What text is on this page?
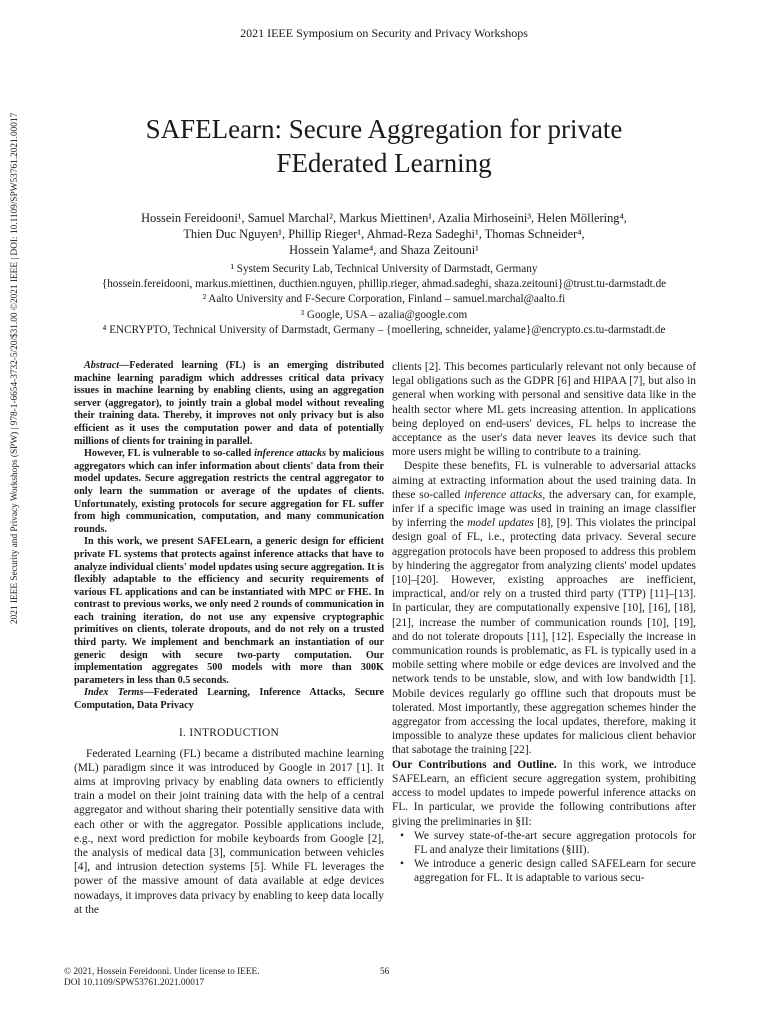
2021 IEEE Symposium on Security and Privacy Workshops
SAFELearn: Secure Aggregation for private
FEderated Learning
Hossein Fereidooni¹, Samuel Marchal², Markus Miettinen¹, Azalia Mirhoseini³, Helen Möllering⁴,
Thien Duc Nguyen¹, Phillip Rieger¹, Ahmad-Reza Sadeghi¹, Thomas Schneider⁴,
Hossein Yalame⁴, and Shaza Zeitouni¹
¹ System Security Lab, Technical University of Darmstadt, Germany
{hossein.fereidooni, markus.miettinen, ducthien.nguyen, phillip.rieger, ahmad.sadeghi, shaza.zeitouni}@trust.tu-darmstadt.de
² Aalto University and F-Secure Corporation, Finland – samuel.marchal@aalto.fi
³ Google, USA – azalia@google.com
⁴ ENCRYPTO, Technical University of Darmstadt, Germany – {moellering, schneider, yalame}@encrypto.cs.tu-darmstadt.de
2021 IEEE Security and Privacy Workshops (SPW) | 978-1-6654-3732-5/20/$31.00 ©2021 IEEE | DOI: 10.1109/SPW53761.2021.00017	Abstract—Federated learning (FL) is an emerging distributed machine learning paradigm which addresses critical data privacy issues in machine learning by enabling clients, using an aggregation server (aggregator), to jointly train a global model without revealing their training data. Thereby, it improves not only privacy but is also efficient as it uses the computation power and data of potentially millions of clients for training in parallel.

However, FL is vulnerable to so-called inference attacks by malicious aggregators which can infer information about clients' data from their model updates. Secure aggregation restricts the central aggregator to only learn the summation or average of the updates of clients. Unfortunately, existing protocols for secure aggregation for FL suffer from high communication, computation, and many communication rounds.

In this work, we present SAFELearn, a generic design for efficient private FL systems that protects against inference attacks that have to analyze individual clients' model updates using secure aggregation. It is flexibly adaptable to the efficiency and security requirements of various FL applications and can be instantiated with MPC or FHE. In contrast to previous works, we only need 2 rounds of communication in each training iteration, do not use any expensive cryptographic primitives on clients, tolerate dropouts, and do not rely on a trusted third party. We implement and benchmark an instantiation of our generic design with secure two-party computation. Our implementation aggregates 500 models with more than 300K parameters in less than 0.5 seconds.

Index Terms—Federated Learning, Inference Attacks, Secure Computation, Data Privacy

I. INTRODUCTION

Federated Learning (FL) became a distributed machine learning (ML) paradigm since it was introduced by Google in 2017 [1]. It aims at improving privacy by enabling data owners to efficiently train a model on their joint training data with the help of a central aggregator and without sharing their potentially sensitive data with each other or with the aggregator. Possible applications include, e.g., next word prediction for mobile keyboards from Google [2], the analysis of medical data [3], communication between vehicles [4], and intrusion detection systems [5]. While FL leverages the power of the massive amount of data available at edge devices nowadays, it improves data privacy by enabling to keep data locally at the

clients [2]. This becomes particularly relevant not only because of legal obligations such as the GDPR [6] and HIPAA [7], but also in general when working with personal and sensitive data like in the health sector where ML gets increasing attention. In applications being deployed on end-users' devices, FL helps to increase the acceptance as the user's data never leaves its device such that more users might be willing to contribute to a training.

Despite these benefits, FL is vulnerable to adversarial attacks aiming at extracting information about the used training data. In these so-called inference attacks, the adversary can, for example, infer if a specific image was used in training an image classifier by inferring the model updates [8], [9]. This violates the principal design goal of FL, i.e., protecting data privacy. Several secure aggregation protocols have been proposed to address this problem by hindering the aggregator from analyzing clients' model updates [10]–[20]. However, existing approaches are inefficient, impractical, and/or rely on a trusted third party (TTP) [11]–[13]. In particular, they are computationally expensive [10], [16], [18], [21], increase the number of communication rounds [10], [19], and do not tolerate dropouts [11], [12]. Especially the increase in communication rounds is problematic, as FL is typically used in a mobile setting where mobile or edge devices are involved and the network tends to be unstable, slow, and with low bandwidth [1]. Mobile devices regularly go offline such that dropouts must be tolerated. Most importantly, these aggregation schemes hinder the aggregator from accessing the local updates, therefore, making it impossible to analyze these updates for malicious client behavior that sabotage the training [22].

Our Contributions and Outline. In this work, we introduce SAFELearn, an efficient secure aggregation system, prohibiting access to model updates to impede powerful inference attacks on FL. In particular, we provide the following contributions after giving the preliminaries in §II:

• We survey state-of-the-art secure aggregation protocols for FL and analyze their limitations (§III).
• We introduce a generic design called SAFELearn for secure aggregation for FL. It is adaptable to various secu-
© 2021, Hossein Fereidooni. Under license to IEEE.
DOI 10.1109/SPW53761.2021.00017
56
